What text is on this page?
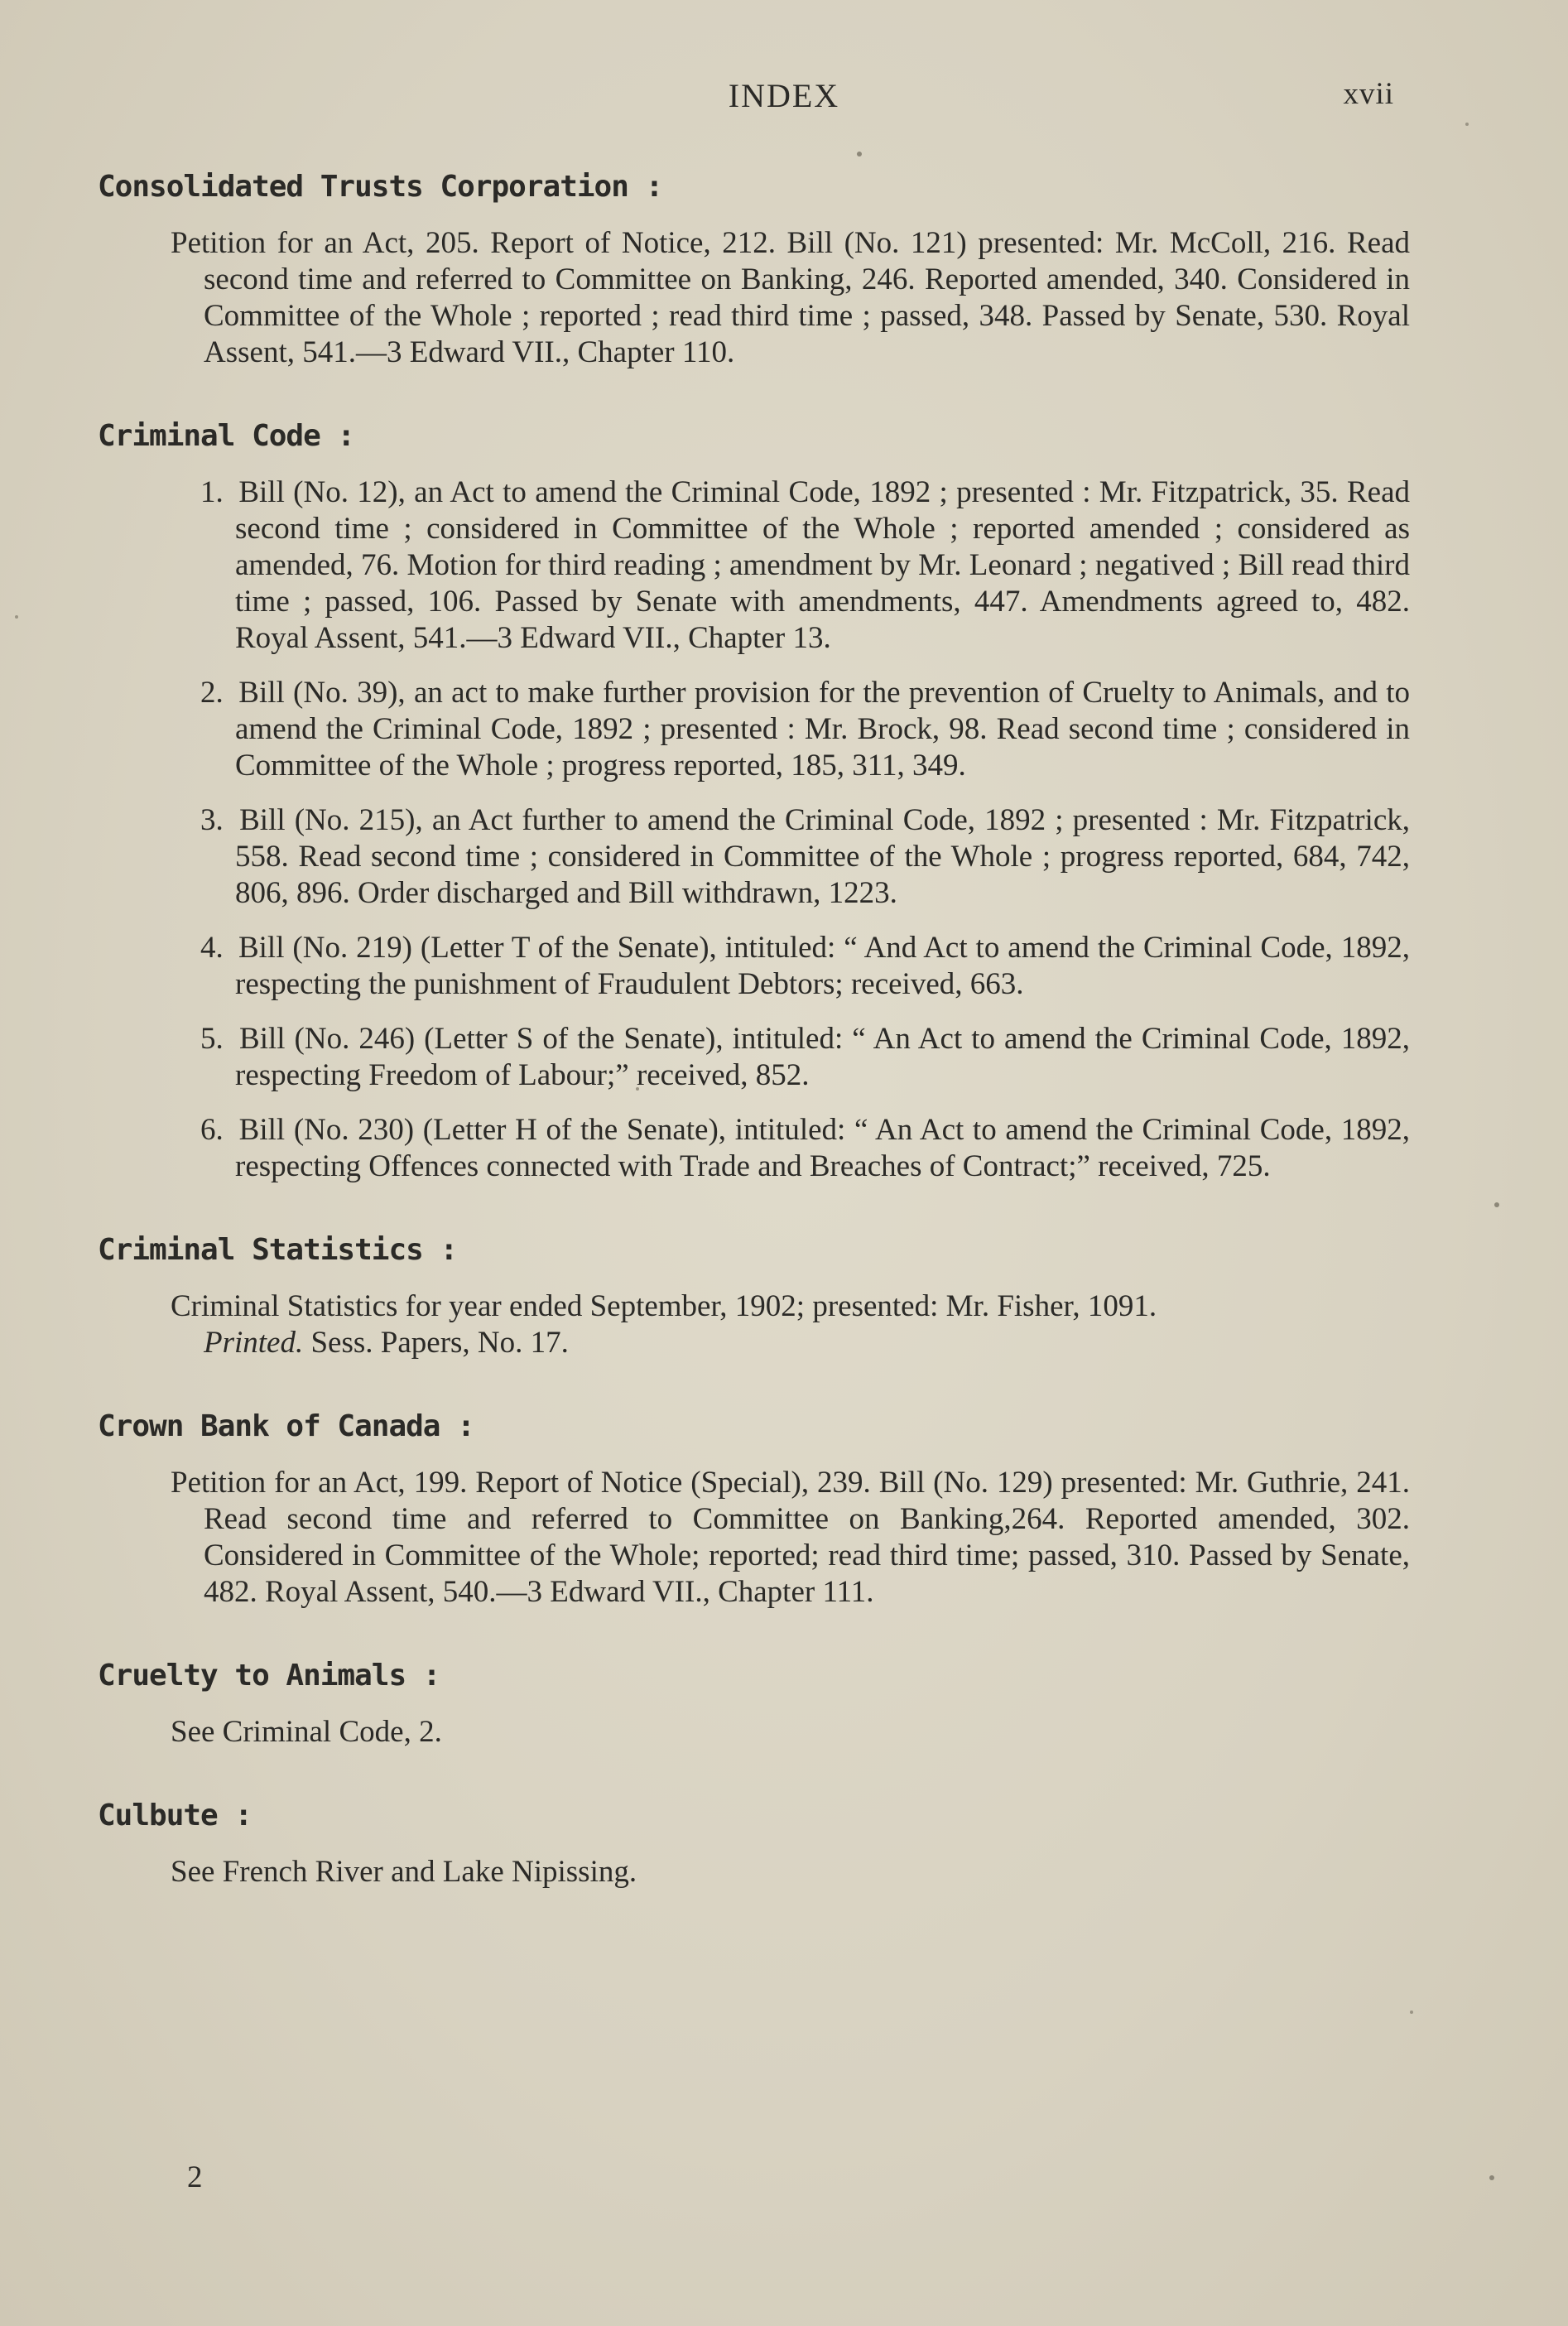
INDEX	xvii
Consolidated Trusts Corporation :

Petition for an Act, 205. Report of Notice, 212. Bill (No. 121) presented: Mr. McColl, 216. Read second time and referred to Committee on Banking, 246. Reported amended, 340. Considered in Committee of the Whole ; reported ; read third time ; passed, 348. Passed by Senate, 530. Royal Assent, 541.—3 Edward VII., Chapter 110.

Criminal Code :

1. Bill (No. 12), an Act to amend the Criminal Code, 1892 ; presented : Mr. Fitzpatrick, 35. Read second time ; considered in Committee of the Whole ; reported amended ; considered as amended, 76. Motion for third reading ; amendment by Mr. Leonard ; negatived ; Bill read third time ; passed, 106. Passed by Senate with amendments, 447. Amendments agreed to, 482. Royal Assent, 541.—3 Edward VII., Chapter 13.

2. Bill (No. 39), an act to make further provision for the prevention of Cruelty to Animals, and to amend the Criminal Code, 1892 ; presented : Mr. Brock, 98. Read second time ; considered in Committee of the Whole ; progress reported, 185, 311, 349.

3. Bill (No. 215), an Act further to amend the Criminal Code, 1892 ; presented : Mr. Fitzpatrick, 558. Read second time ; considered in Committee of the Whole ; progress reported, 684, 742, 806, 896. Order discharged and Bill withdrawn, 1223.

4. Bill (No. 219) (Letter T of the Senate), intituled: “ And Act to amend the Criminal Code, 1892, respecting the punishment of Fraudulent Debtors; received, 663.

5. Bill (No. 246) (Letter S of the Senate), intituled: “ An Act to amend the Criminal Code, 1892, respecting Freedom of Labour;” received, 852.

6. Bill (No. 230) (Letter H of the Senate), intituled: “ An Act to amend the Criminal Code, 1892, respecting Offences connected with Trade and Breaches of Contract;” received, 725.

Criminal Statistics :

Criminal Statistics for year ended September, 1902; presented: Mr. Fisher, 1091.
Printed. Sess. Papers, No. 17.

Crown Bank of Canada :

Petition for an Act, 199. Report of Notice (Special), 239. Bill (No. 129) presented: Mr. Guthrie, 241. Read second time and referred to Committee on Banking,264. Reported amended, 302. Considered in Committee of the Whole; reported; read third time; passed, 310. Passed by Senate, 482. Royal Assent, 540.—3 Edward VII., Chapter 111.

Cruelty to Animals :

See Criminal Code, 2.

Culbute :

See French River and Lake Nipissing.

2
